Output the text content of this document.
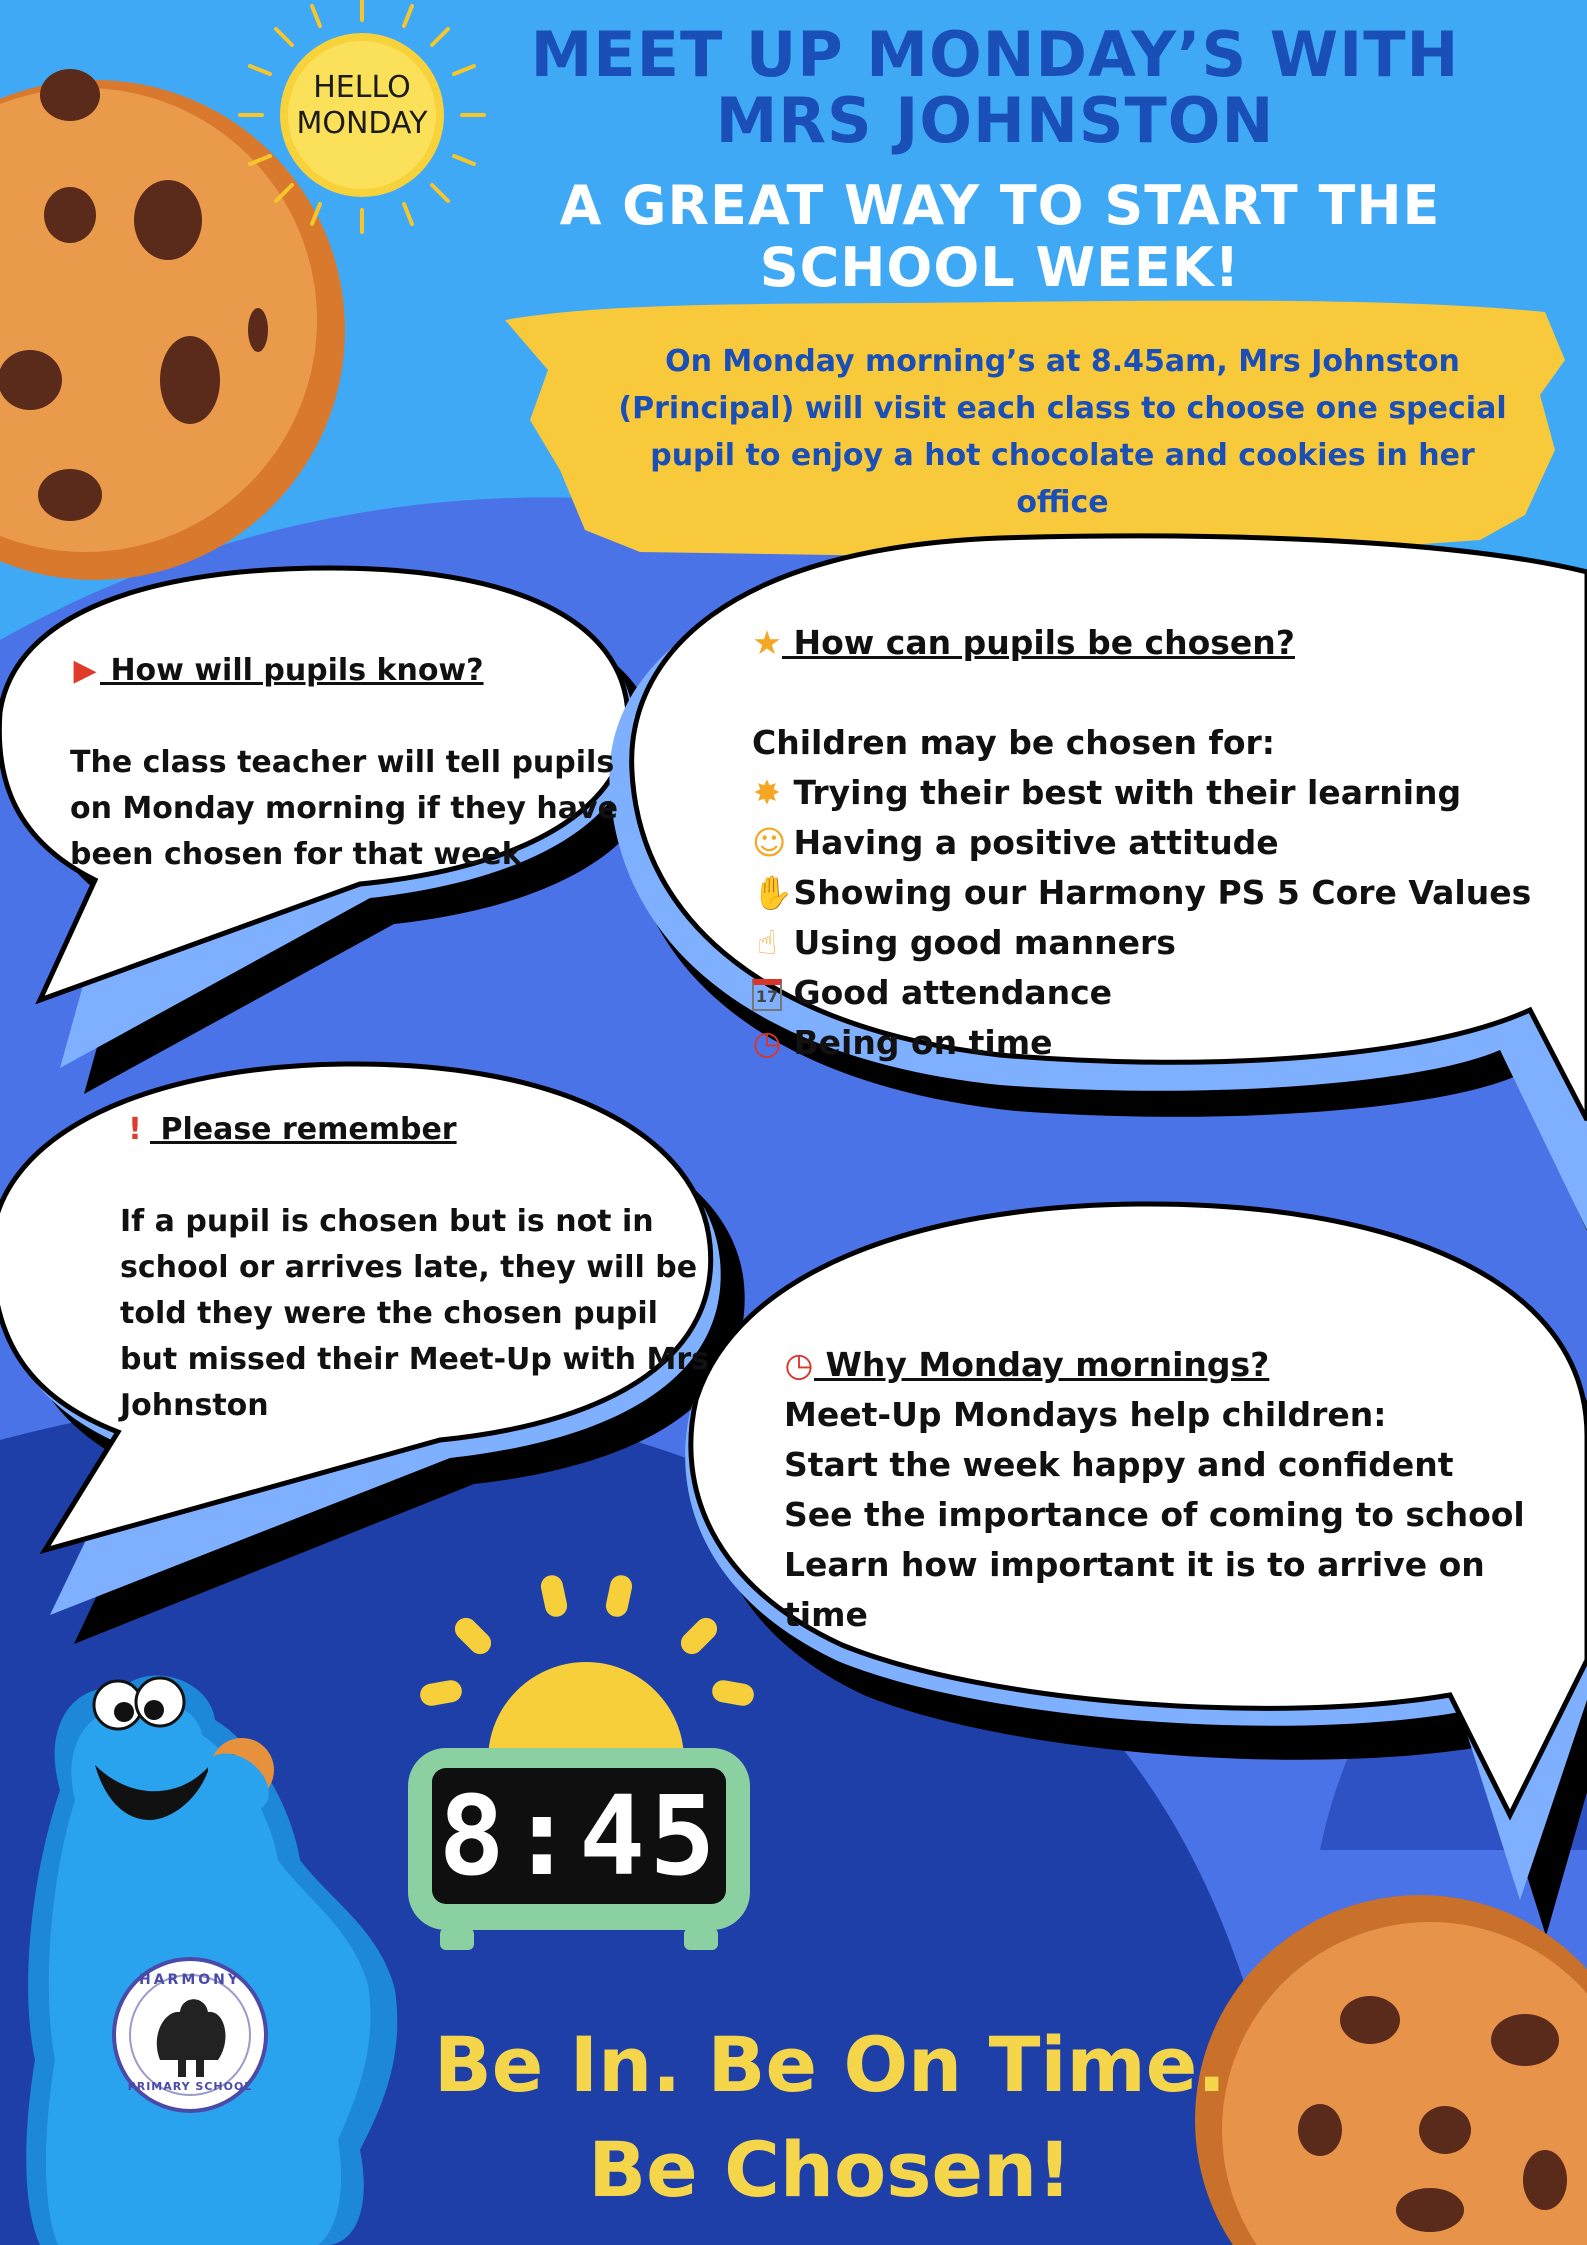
HELLO
MONDAY
MEET UP MONDAY’S WITH MRS JOHNSTON
A GREAT WAY TO START THE SCHOOL WEEK!
On Monday morning’s at 8.45am, Mrs Johnston (Principal) will visit each class to choose one special pupil to enjoy a hot chocolate and cookies in her office
▶ How will pupils know?
The class teacher will tell pupils on Monday morning if they have been chosen for that week
★ How can pupils be chosen?
Children may be chosen for:
✸ Trying their best with their learning
☺ Having a positive attitude
✋ Showing our Harmony PS 5 Core Values
☝ Using good manners
17 Good attendance
◷ Being on time
! Please remember
If a pupil is chosen but is not in school or arrives late, they will be told they were the chosen pupil but missed their Meet-Up with Mrs Johnston
◷ Why Monday mornings?
Meet-Up Mondays help children:
Start the week happy and confident
See the importance of coming to school
Learn how important it is to arrive on time
8:45
HARMONY
PRIMARY SCHOOL	Be In. Be On Time.
Be Chosen!
